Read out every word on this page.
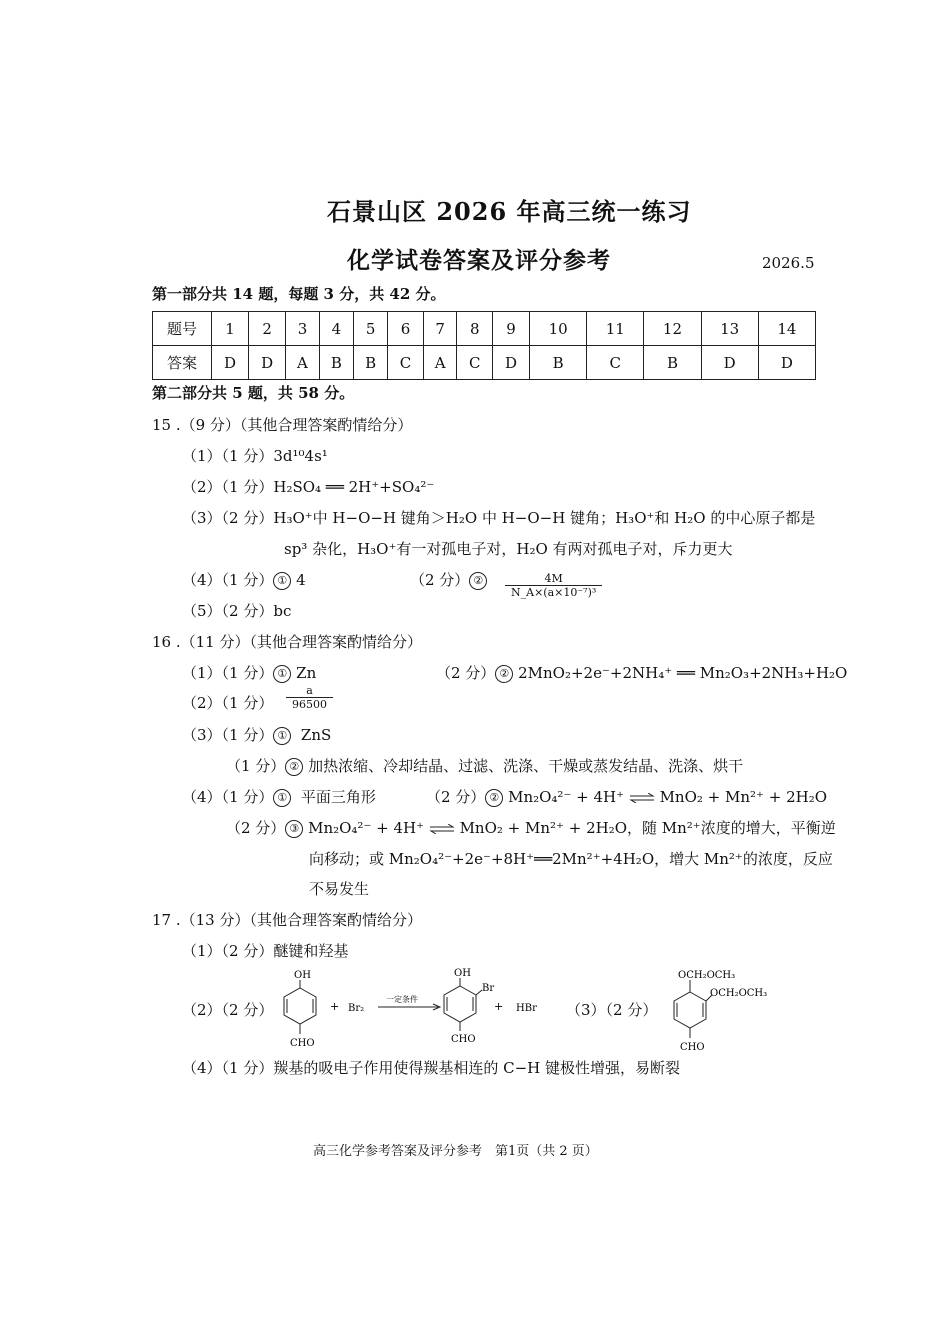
石景山区 2026 年高三统一练习
化学试卷答案及评分参考	2026.5
第一部分共 14 题，每题 3 分，共 42 分。
题号	1	2	3	4	5	6	7	8	9	10	11	12	13	14
答案	D	D	A	B	B	C	A	C	D	B	C	B	D	D
第二部分共 5 题，共 58 分。
15 .（9 分）（其他合理答案酌情给分）
（1）（1 分）3d¹⁰4s¹
（2）（1 分）H₂SO₄ ══ 2H⁺+SO₄²⁻
（3）（2 分）H₃O⁺中 H−O−H 键角＞H₂O 中 H−O−H 键角；H₃O⁺和 H₂O 的中心原子都是
sp³ 杂化，H₃O⁺有一对孤电子对，H₂O 有两对孤电子对，斥力更大
（4）（1 分） ① 4	（2 分） ②	$\frac{4M}{\text{N\_A×(a×10⁻⁷)³}}$
（5）（2 分）bc
16 .（11 分）（其他合理答案酌情给分）
（1）（1 分） ① Zn	（2 分） ② 2MnO₂+2e⁻+2NH₄⁺ ══ Mn₂O₃+2NH₃+H₂O
（2）（1 分） $\frac{a}{96500}$
（3）（1 分） ① ZnS
（1 分） ② 加热浓缩、冷却结晶、过滤、洗涤、干燥或蒸发结晶、洗涤、烘干
（4）（1 分） ① 平面三角形	（2 分） ② Mn₂O₄²⁻ + 4H⁺ ⇌ MnO₂ + Mn²⁺ + 2H₂O
（2 分） ③ Mn₂O₄²⁻ + 4H⁺ ⇌ MnO₂ + Mn²⁺ + 2H₂O，随 Mn²⁺浓度的增大，平衡逆
向移动；或 Mn₂O₄²⁻+2e⁻+8H⁺══2Mn²⁺+4H₂O，增大 Mn²⁺的浓度，反应
不易发生
17 .（13 分）（其他合理答案酌情给分）
（1）（2 分）醚键和羟基
（2）（2 分）
OH
CHO
+ Br₂
一定条件
OH
Br
CHO
+ HBr （3）（2 分）
OCH₂OCH₃
OCH₂OCH₃
CHO
（4）（1 分）羰基的吸电子作用使得羰基相连的 C−H 键极性增强，易断裂
高三化学参考答案及评分参考　第1页（共 2 页）
